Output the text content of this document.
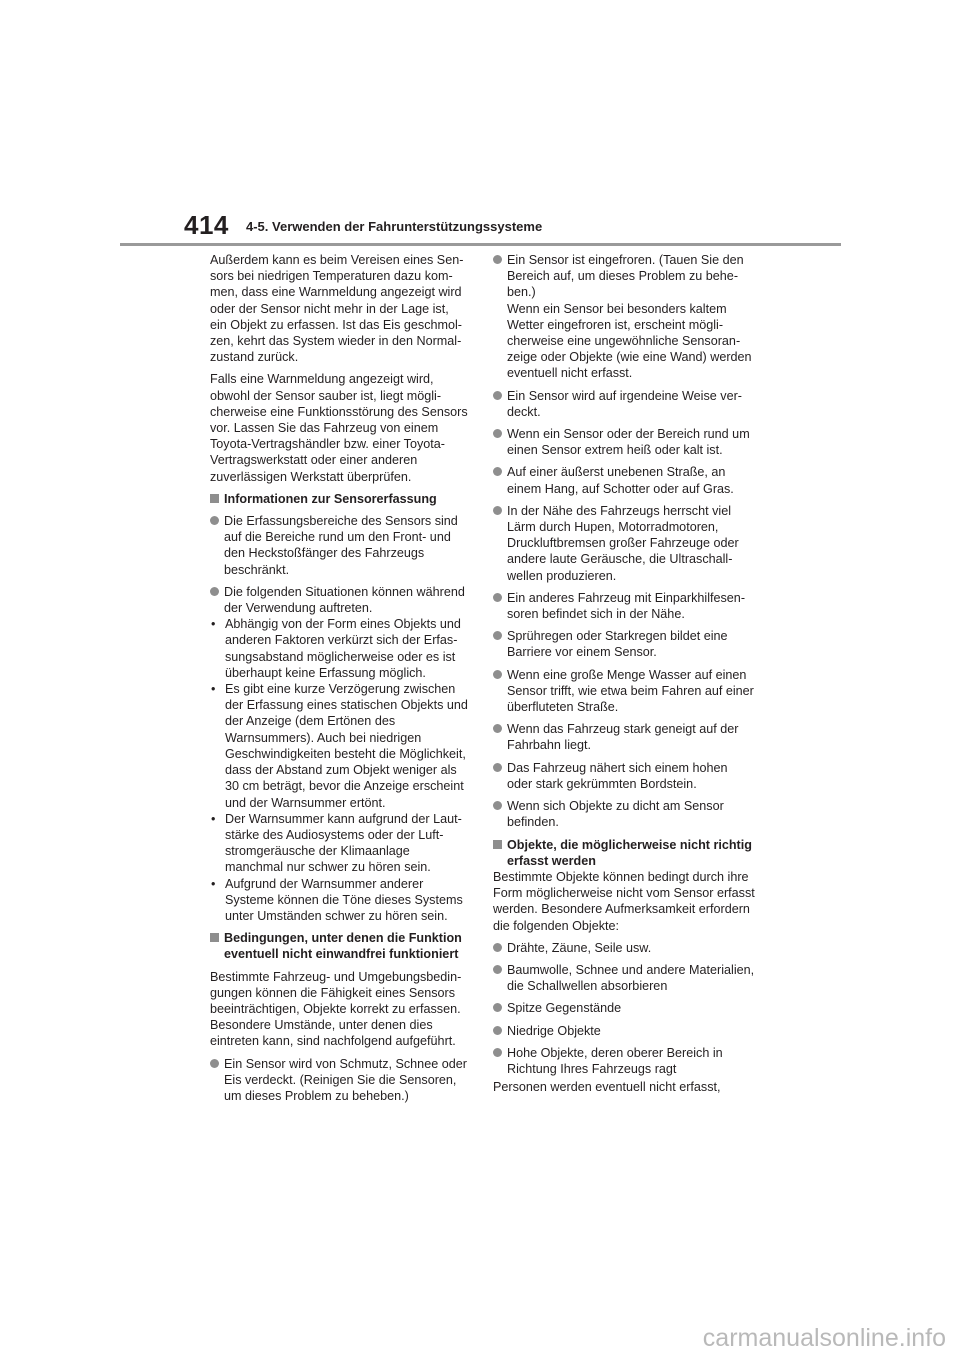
414 4-5. Verwenden der Fahrunterstützungssysteme

Außerdem kann es beim Vereisen eines Sensors bei niedrigen Temperaturen dazu kommen, dass eine Warnmeldung angezeigt wird oder der Sensor nicht mehr in der Lage ist, ein Objekt zu erfassen. Ist das Eis geschmolzen, kehrt das System wieder in den Normalzustand zurück.

Falls eine Warnmeldung angezeigt wird, obwohl der Sensor sauber ist, liegt möglicherweise eine Funktionsstörung des Sensors vor. Lassen Sie das Fahrzeug von einem Toyota-Vertragshändler bzw. einer Toyota-Vertragswerkstatt oder einer anderen zuverlässigen Werkstatt überprüfen.

Informationen zur Sensorerfassung
Die Erfassungsbereiche des Sensors sind auf die Bereiche rund um den Front- und den Heckstoßfänger des Fahrzeugs beschränkt.
Die folgenden Situationen können während der Verwendung auftreten.
• Abhängig von der Form eines Objekts und anderen Faktoren verkürzt sich der Erfassungsabstand möglicherweise oder es ist überhaupt keine Erfassung möglich.
• Es gibt eine kurze Verzögerung zwischen der Erfassung eines statischen Objekts und der Anzeige (dem Ertönen des Warnsummers). Auch bei niedrigen Geschwindigkeiten besteht die Möglichkeit, dass der Abstand zum Objekt weniger als 30 cm beträgt, bevor die Anzeige erscheint und der Warnsummer ertönt.
• Der Warnsummer kann aufgrund der Lautstärke des Audiosystems oder der Luftstromgeräusche der Klimaanlage manchmal nur schwer zu hören sein.
• Aufgrund der Warnsummer anderer Systeme können die Töne dieses Systems unter Umständen schwer zu hören sein.
Bedingungen, unter denen die Funktion eventuell nicht einwandfrei funktioniert

Bestimmte Fahrzeug- und Umgebungsbedingungen können die Fähigkeit eines Sensors beeinträchtigen, Objekte korrekt zu erfassen. Besondere Umstände, unter denen dies eintreten kann, sind nachfolgend aufgeführt.

Ein Sensor wird von Schmutz, Schnee oder Eis verdeckt. (Reinigen Sie die Sensoren, um dieses Problem zu beheben.)
Ein Sensor ist eingefroren. (Tauen Sie den Bereich auf, um dieses Problem zu beheben.)
Wenn ein Sensor bei besonders kaltem Wetter eingefroren ist, erscheint möglicherweise eine ungewöhnliche Sensoranzeige oder Objekte (wie eine Wand) werden eventuell nicht erfasst.
Ein Sensor wird auf irgendeine Weise verdeckt.
Wenn ein Sensor oder der Bereich rund um einen Sensor extrem heiß oder kalt ist.
Auf einer äußerst unebenen Straße, an einem Hang, auf Schotter oder auf Gras.
In der Nähe des Fahrzeugs herrscht viel Lärm durch Hupen, Motorradmotoren, Druckluftbremsen großer Fahrzeuge oder andere laute Geräusche, die Ultraschallwellen produzieren.
Ein anderes Fahrzeug mit Einparkhilfesensoren befindet sich in der Nähe.
Sprühregen oder Starkregen bildet eine Barriere vor einem Sensor.
Wenn eine große Menge Wasser auf einen Sensor trifft, wie etwa beim Fahren auf einer überfluteten Straße.
Wenn das Fahrzeug stark geneigt auf der Fahrbahn liegt.
Das Fahrzeug nähert sich einem hohen oder stark gekrümmten Bordstein.
Wenn sich Objekte zu dicht am Sensor befinden.
Objekte, die möglicherweise nicht richtig erfasst werden

Bestimmte Objekte können bedingt durch ihre Form möglicherweise nicht vom Sensor erfasst werden. Besondere Aufmerksamkeit erfordern die folgenden Objekte:

Drähte, Zäune, Seile usw.
Baumwolle, Schnee und andere Materialien, die Schallwellen absorbieren
Spitze Gegenstände
Niedrige Objekte
Hohe Objekte, deren oberer Bereich in Richtung Ihres Fahrzeugs ragt

Personen werden eventuell nicht erfasst,

carmanualsonline.info
